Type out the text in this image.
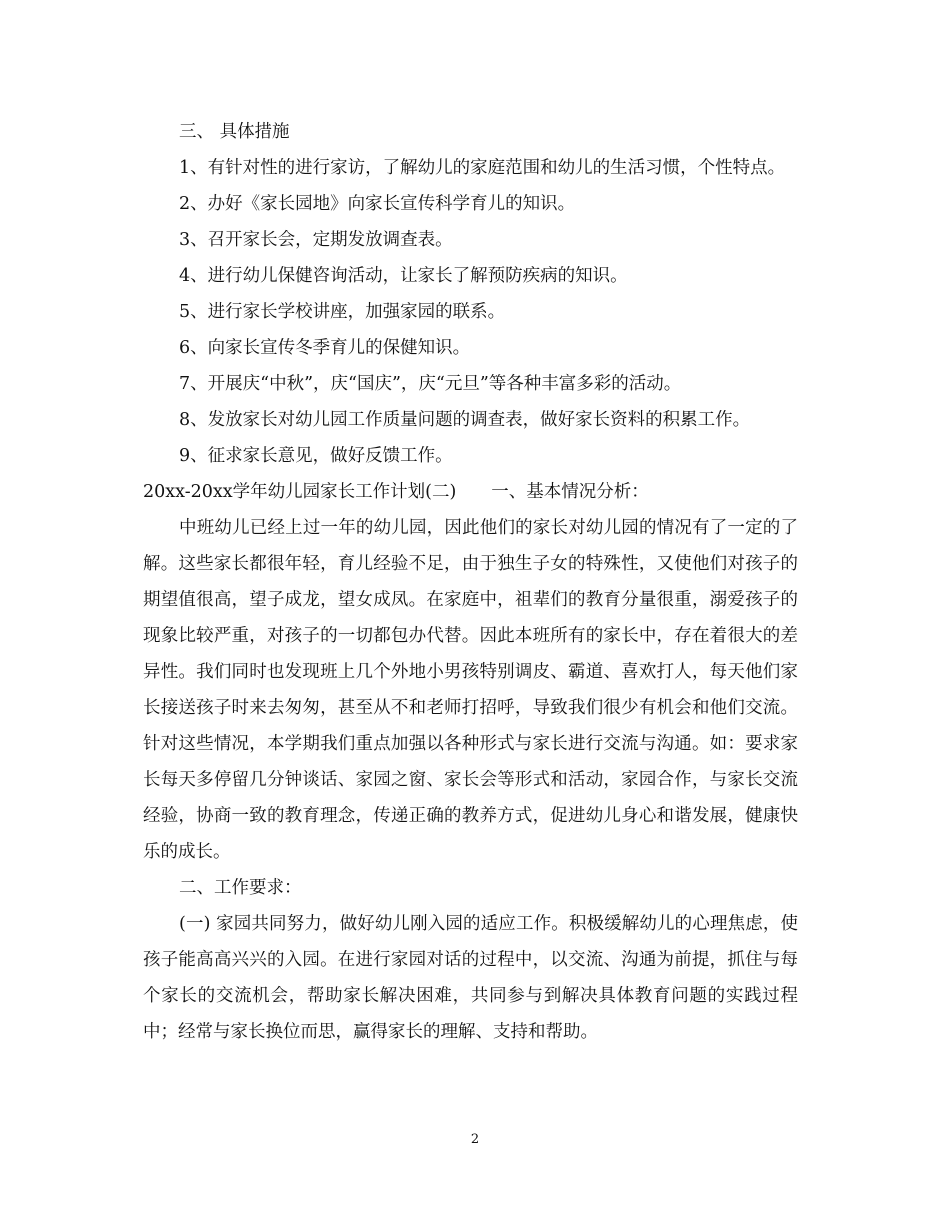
三、 具体措施

1、有针对性的进行家访，了解幼儿的家庭范围和幼儿的生活习惯，个性特点。

2、办好《家长园地》向家长宣传科学育儿的知识。

3、召开家长会，定期发放调查表。

4、进行幼儿保健咨询活动，让家长了解预防疾病的知识。

5、进行家长学校讲座，加强家园的联系。

6、向家长宣传冬季育儿的保健知识。

7、开展庆“中秋”，庆“国庆”，庆“元旦”等各种丰富多彩的活动。

8、发放家长对幼儿园工作质量问题的调查表，做好家长资料的积累工作。

9、征求家长意见，做好反馈工作。

20xx-20xx学年幼儿园家长工作计划(二)　　一、基本情况分析：

中班幼儿已经上过一年的幼儿园，因此他们的家长对幼儿园的情况有了一定的了解。这些家长都很年轻，育儿经验不足，由于独生子女的特殊性，又使他们对孩子的期望值很高，望子成龙，望女成凤。在家庭中，祖辈们的教育分量很重，溺爱孩子的现象比较严重，对孩子的一切都包办代替。因此本班所有的家长中，存在着很大的差异性。我们同时也发现班上几个外地小男孩特别调皮、霸道、喜欢打人，每天他们家长接送孩子时来去匆匆，甚至从不和老师打招呼，导致我们很少有机会和他们交流。针对这些情况，本学期我们重点加强以各种形式与家长进行交流与沟通。如：要求家长每天多停留几分钟谈话、家园之窗、家长会等形式和活动，家园合作，与家长交流经验，协商一致的教育理念，传递正确的教养方式，促进幼儿身心和谐发展，健康快乐的成长。

二、工作要求：

(一) 家园共同努力，做好幼儿刚入园的适应工作。积极缓解幼儿的心理焦虑，使孩子能高高兴兴的入园。在进行家园对话的过程中，以交流、沟通为前提，抓住与每个家长的交流机会，帮助家长解决困难，共同参与到解决具体教育问题的实践过程中；经常与家长换位而思，赢得家长的理解、支持和帮助。

2
